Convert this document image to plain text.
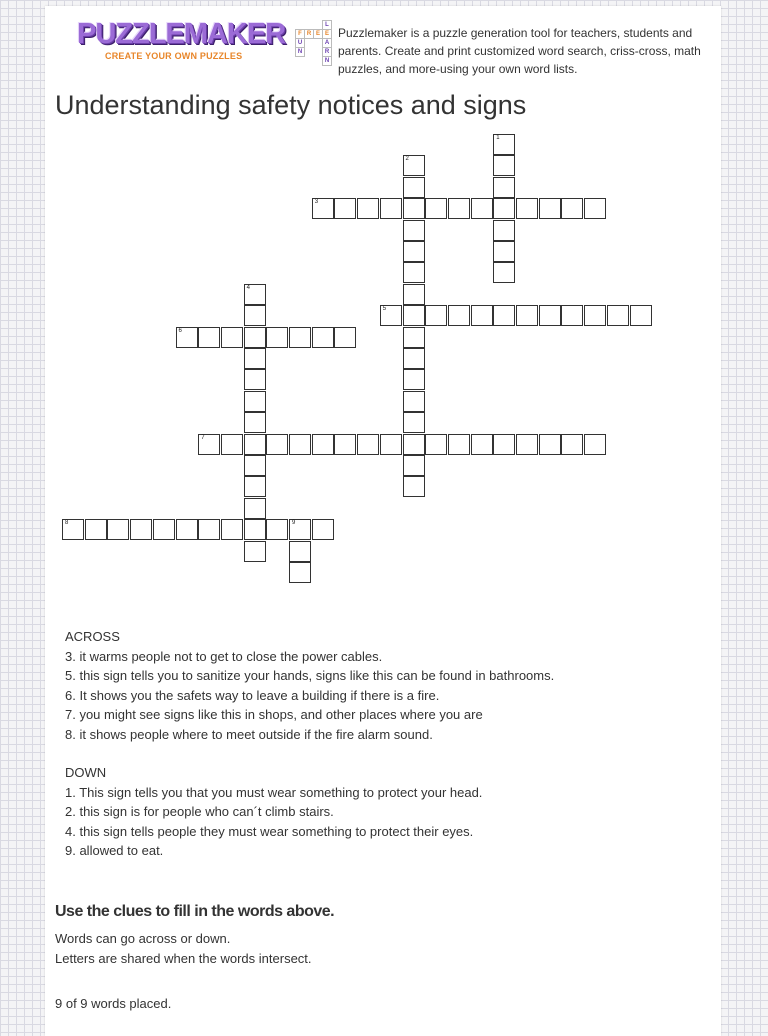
PUZZLEMAKER
CREATE YOUR OWN PUZZLES
F R E E
U
N
L
A
R
N
Puzzlemaker is a puzzle generation tool for teachers, students and parents. Create and print customized word search, criss-cross, math puzzles, and more-using your own word lists.
Understanding safety notices and signs
1
2
3
4
5
6
7
8	9

ACROSS

3. it warms people not to get to close the power cables.

5. this sign tells you to sanitize your hands, signs like this can be found in bathrooms.

6. It shows you the safets way to leave a building if there is a fire.

7. you might see signs like this in shops, and other places where you are

8. it shows people where to meet outside if the fire alarm sound.

DOWN

1. This sign tells you that you must wear something to protect your head.

2. this sign is for people who can´t climb stairs.

4. this sign tells people they must wear something to protect their eyes.

9. allowed to eat.

Use the clues to fill in the words above.
Words can go across or down.
Letters are shared when the words intersect.
9 of 9 words placed.
